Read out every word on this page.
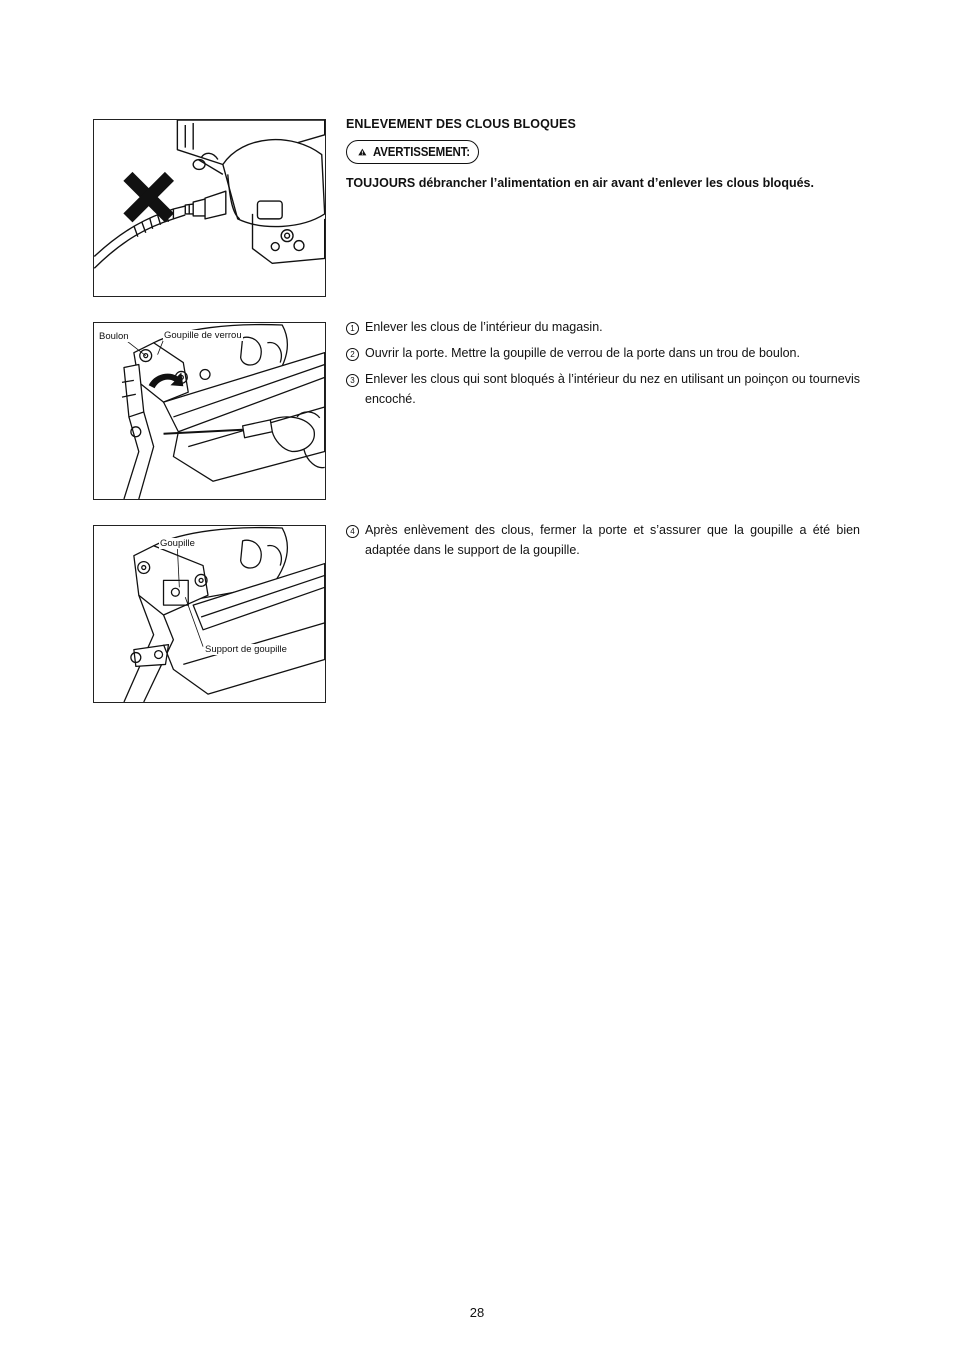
Boulon	Goupille de verrou
Goupille
Support de goupille
ENLEVEMENT DES CLOUS BLOQUES
AVERTISSEMENT:
TOUJOURS débrancher l’alimentation en air avant d’enlever les clous bloqués.
1 Enlever les clous de l’intérieur du magasin.
2 Ouvrir la porte. Mettre la goupille de verrou de la porte dans un trou de boulon.
3 Enlever les clous qui sont bloqués à l’intérieur du nez en utilisant un poinçon ou tournevis encoché.
4 Après enlèvement des clous, fermer la porte et s’assurer que la goupille a été bien adaptée dans le support de la goupille.
28
